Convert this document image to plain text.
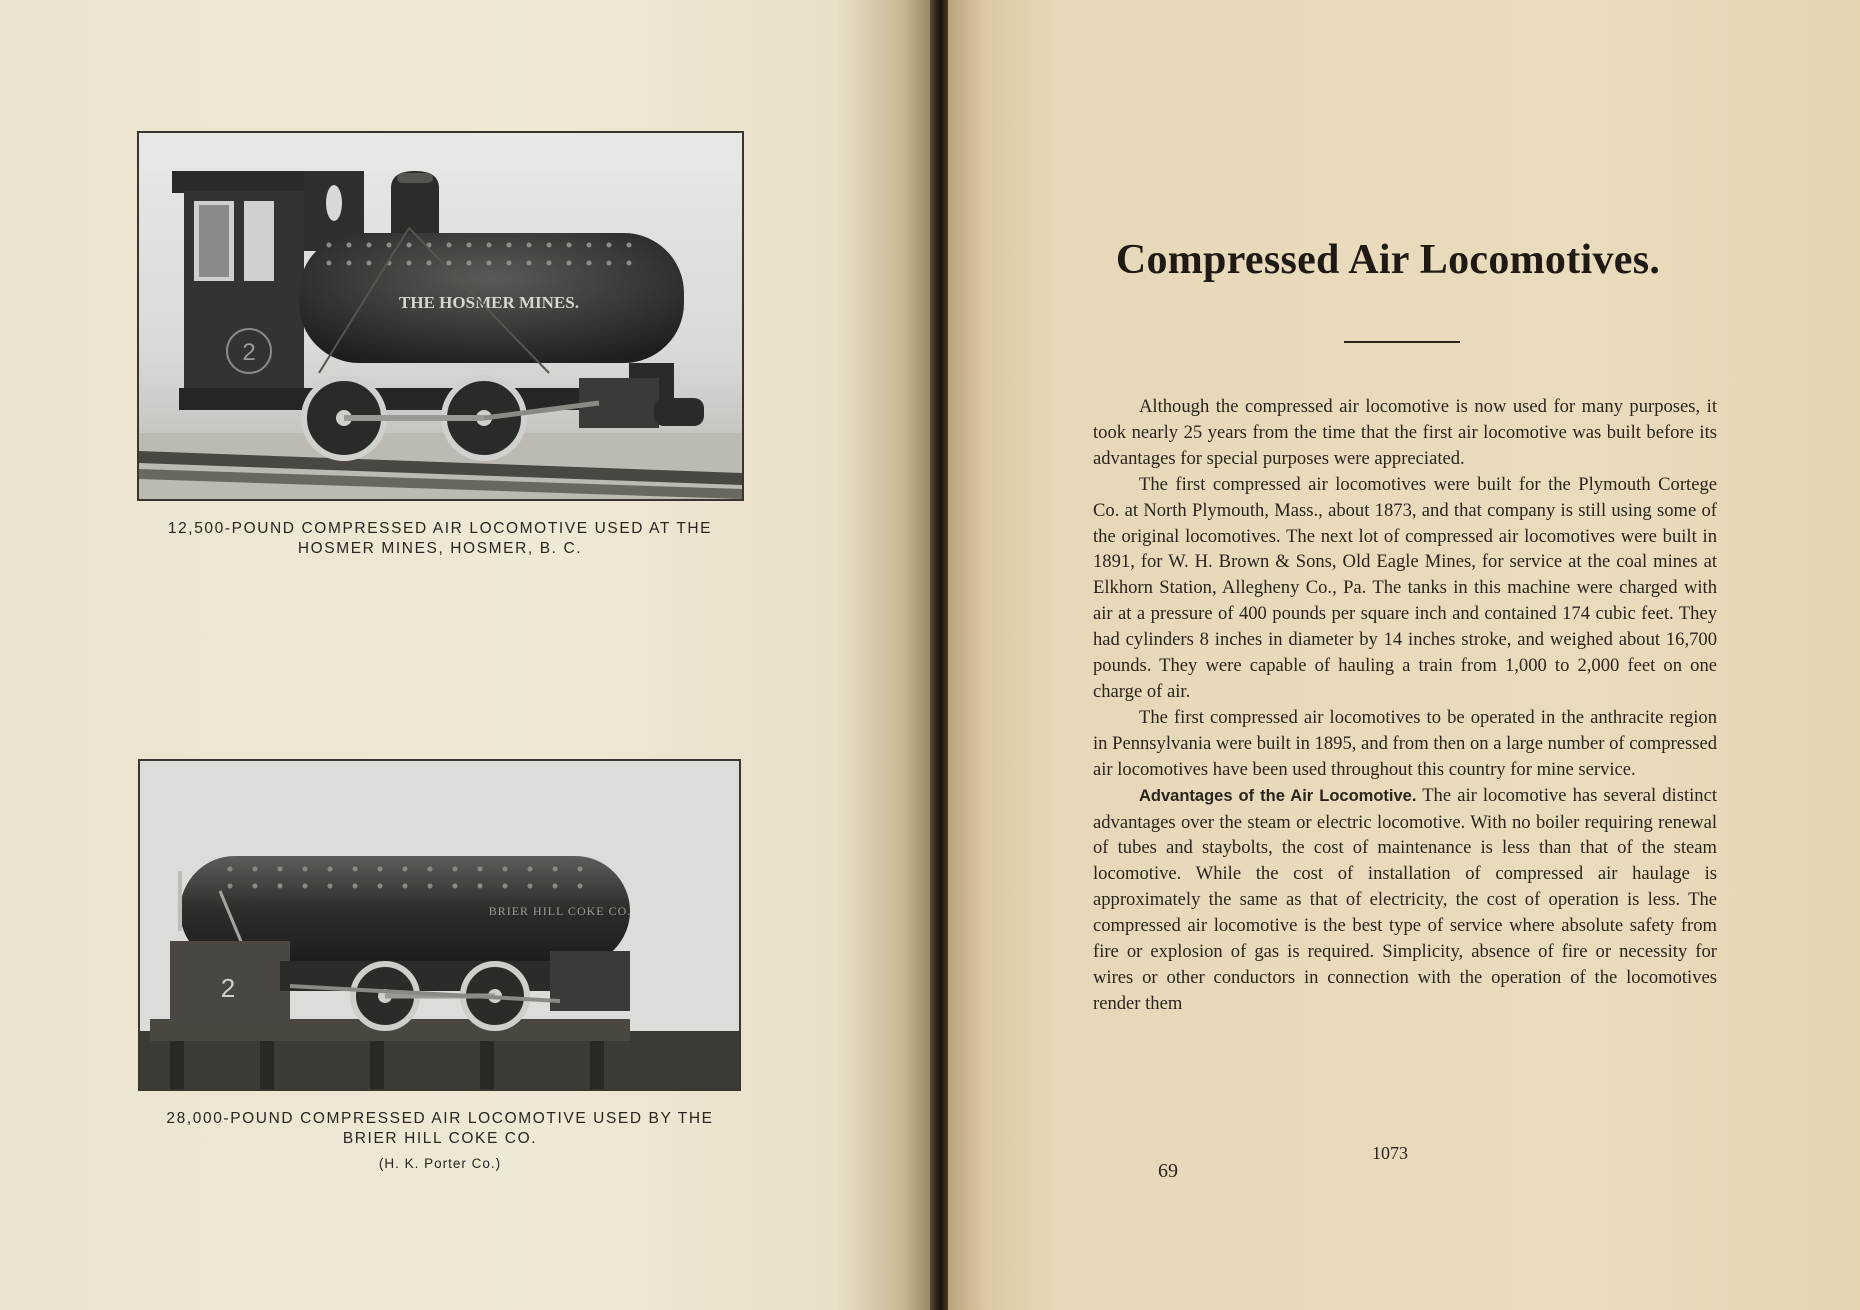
2
THE HOSMER MINES.
12,500-POUND COMPRESSED AIR LOCOMOTIVE USED AT THE
HOSMER MINES, HOSMER, B. C.
BRIER HILL COKE CO.
2
28,000-POUND COMPRESSED AIR LOCOMOTIVE USED BY THE
BRIER HILL COKE CO.
(H. K. Porter Co.)
Compressed Air Locomotives.

Although the compressed air locomotive is now used for many purposes, it took nearly 25 years from the time that the first air locomotive was built before its advantages for special purposes were appreciated.

The first compressed air locomotives were built for the Plymouth Cortege Co. at North Plymouth, Mass., about 1873, and that company is still using some of the original locomotives. The next lot of compressed air locomotives were built in 1891, for W. H. Brown & Sons, Old Eagle Mines, for service at the coal mines at Elkhorn Station, Allegheny Co., Pa. The tanks in this machine were charged with air at a pressure of 400 pounds per square inch and contained 174 cubic feet. They had cylinders 8 inches in diameter by 14 inches stroke, and weighed about 16,700 pounds. They were capable of hauling a train from 1,000 to 2,000 feet on one charge of air.

The first compressed air locomotives to be operated in the anthracite region in Pennsylvania were built in 1895, and from then on a large number of compressed air locomotives have been used throughout this country for mine service.

Advantages of the Air Locomotive. The air locomotive has several distinct advantages over the steam or electric locomotive. With no boiler requiring renewal of tubes and staybolts, the cost of maintenance is less than that of the steam locomotive. While the cost of installation of compressed air haulage is approximately the same as that of electricity, the cost of operation is less. The compressed air locomotive is the best type of service where absolute safety from fire or explosion of gas is required. Simplicity, absence of fire or necessity for wires or other conductors in connection with the operation of the locomotives render them

1073
69
